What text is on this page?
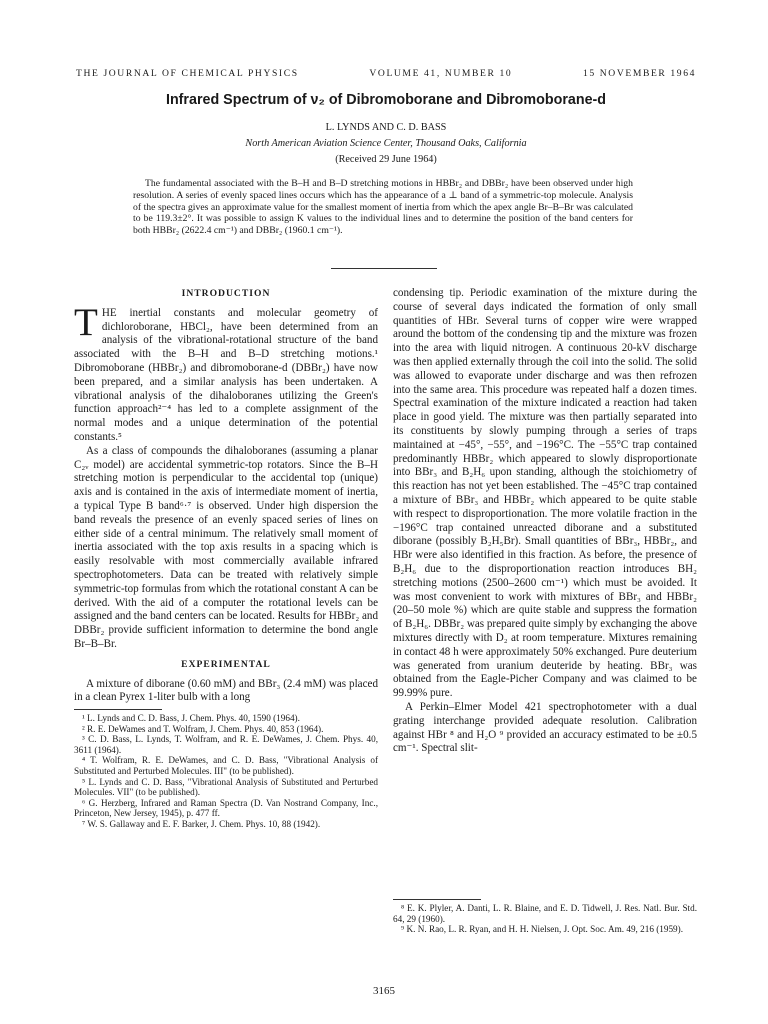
THE JOURNAL OF CHEMICAL PHYSICS	VOLUME 41, NUMBER 10	15 NOVEMBER 1964
Infrared Spectrum of ν₂ of Dibromoborane and Dibromoborane-d
L. LYNDS AND C. D. BASS
North American Aviation Science Center, Thousand Oaks, California
(Received 29 June 1964)
The fundamental associated with the B–H and B–D stretching motions in HBBr₂ and DBBr₂ have been observed under high resolution. A series of evenly spaced lines occurs which has the appearance of a ⊥ band of a symmetric-top molecule. Analysis of the spectra gives an approximate value for the smallest moment of inertia from which the apex angle Br–B–Br was calculated to be 119.3±2°. It was possible to assign K values to the individual lines and to determine the position of the band centers for both HBBr₂ (2622.4 cm⁻¹) and DBBr₂ (1960.1 cm⁻¹).
INTRODUCTION

THE inertial constants and molecular geometry of dichloroborane, HBCl₂, have been determined from an analysis of the vibrational-rotational structure of the band associated with the B–H and B–D stretching motions.¹ Dibromoborane (HBBr₂) and dibromoborane-d (DBBr₂) have now been prepared, and a similar analysis has been undertaken. A vibrational analysis of the dihaloboranes utilizing the Green's function approach²⁻⁴ has led to a complete assignment of the normal modes and a unique determination of the potential constants.⁵

As a class of compounds the dihaloboranes (assuming a planar C₂ᵥ model) are accidental symmetric-top rotators. Since the B–H stretching motion is perpendicular to the accidental top (unique) axis and is contained in the axis of intermediate moment of inertia, a typical Type B band⁶·⁷ is observed. Under high dispersion the band reveals the presence of an evenly spaced series of lines on either side of a central minimum. The relatively small moment of inertia associated with the top axis results in a spacing which is easily resolvable with most commercially available infrared spectrophotometers. Data can be treated with relatively simple symmetric-top formulas from which the rotational constant A can be derived. With the aid of a computer the rotational levels can be assigned and the band centers can be located. Results for HBBr₂ and DBBr₂ provide sufficient information to determine the bond angle Br–B–Br.

EXPERIMENTAL

A mixture of diborane (0.60 mM) and BBr₃ (2.4 mM) was placed in a clean Pyrex 1-liter bulb with a long

¹ L. Lynds and C. D. Bass, J. Chem. Phys. 40, 1590 (1964).

² R. E. DeWames and T. Wolfram, J. Chem. Phys. 40, 853 (1964).

³ C. D. Bass, L. Lynds, T. Wolfram, and R. E. DeWames, J. Chem. Phys. 40, 3611 (1964).

⁴ T. Wolfram, R. E. DeWames, and C. D. Bass, "Vibrational Analysis of Substituted and Perturbed Molecules. III" (to be published).

⁵ L. Lynds and C. D. Bass, "Vibrational Analysis of Substituted and Perturbed Molecules. VII" (to be published).

⁶ G. Herzberg, Infrared and Raman Spectra (D. Van Nostrand Company, Inc., Princeton, New Jersey, 1945), p. 477 ff.

⁷ W. S. Gallaway and E. F. Barker, J. Chem. Phys. 10, 88 (1942).

condensing tip. Periodic examination of the mixture during the course of several days indicated the formation of only small quantities of HBr. Several turns of copper wire were wrapped around the bottom of the condensing tip and the mixture was frozen into the area with liquid nitrogen. A continuous 20-kV discharge was then applied externally through the coil into the solid. The solid was allowed to evaporate under discharge and was then refrozen into the same area. This procedure was repeated half a dozen times. Spectral examination of the mixture indicated a reaction had taken place in good yield. The mixture was then partially separated into its constituents by slowly pumping through a series of traps maintained at −45°, −55°, and −196°C. The −55°C trap contained predominantly HBBr₂ which appeared to slowly disproportionate into BBr₃ and B₂H₆ upon standing, although the stoichiometry of this reaction has not yet been established. The −45°C trap contained a mixture of BBr₃ and HBBr₂ which appeared to be quite stable with respect to disproportionation. The more volatile fraction in the −196°C trap contained unreacted diborane and a substituted diborane (possibly B₂H₅Br). Small quantities of BBr₃, HBBr₂, and HBr were also identified in this fraction. As before, the presence of B₂H₆ due to the disproportionation reaction introduces BH₂ stretching motions (2500–2600 cm⁻¹) which must be avoided. It was most convenient to work with mixtures of BBr₃ and HBBr₂ (20–50 mole %) which are quite stable and suppress the formation of B₂H₆. DBBr₂ was prepared quite simply by exchanging the above mixtures directly with D₂ at room temperature. Mixtures remaining in contact 48 h were approximately 50% exchanged. Pure deuterium was generated from uranium deuteride by heating. BBr₃ was obtained from the Eagle-Picher Company and was claimed to be 99.99% pure.

A Perkin–Elmer Model 421 spectrophotometer with a dual grating interchange provided adequate resolution. Calibration against HBr ⁸ and H₂O ⁹ provided an accuracy estimated to be ±0.5 cm⁻¹. Spectral slit-

⁸ E. K. Plyler, A. Danti, L. R. Blaine, and E. D. Tidwell, J. Res. Natl. Bur. Std. 64, 29 (1960).

⁹ K. N. Rao, L. R. Ryan, and H. H. Nielsen, J. Opt. Soc. Am. 49, 216 (1959).

3165
